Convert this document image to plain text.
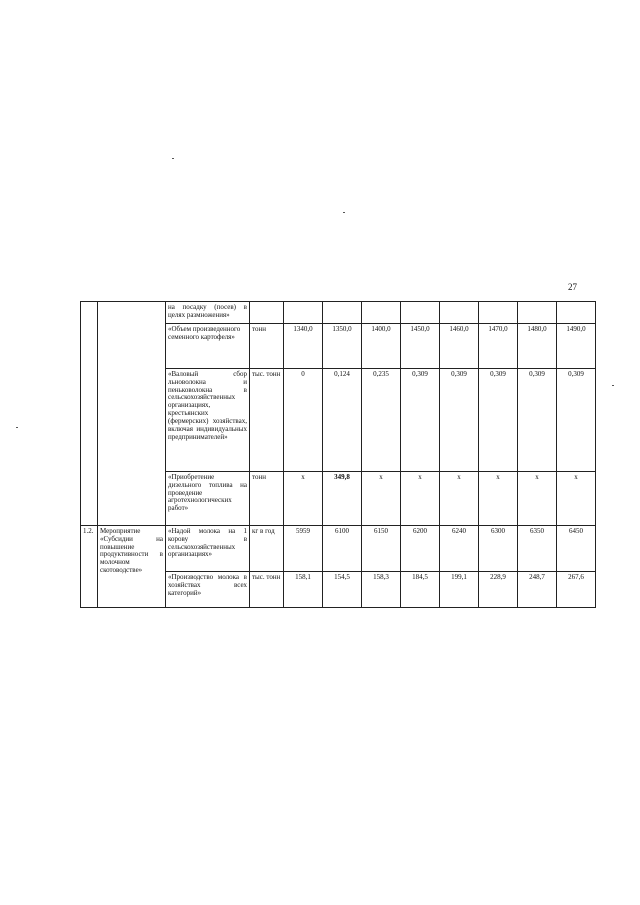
27
		на посадку (посев) в целях размножения»									
		«Объем произведенного семенного картофеля»	тонн	1340,0	1350,0	1400,0	1450,0	1460,0	1470,0	1480,0	1490,0
		«Валовый сбор льноволокна и пеньковолокна в сельскохозяйственных организациях, крестьянских (фермерских) хозяйствах, включая индивидуальных предпринимателей»	тыс. тонн	0	0,124	0,235	0,309	0,309	0,309	0,309	0,309
		«Приобретение дизельного топлива на проведение агротехнологических работ»	тонн	х	349,8	х	х	х	х	х	х
1.2.	Мероприятие «Субсидии на повышение продуктивности в молочном скотоводстве»	«Надой молока на 1 корову в сельскохозяйственных организациях»	кг в год	5959	6100	6150	6200	6240	6300	6350	6450
		«Производство молока в хозяйствах всех категорий»	тыс. тонн	158,1	154,5	158,3	184,5	199,1	228,9	248,7	267,6
